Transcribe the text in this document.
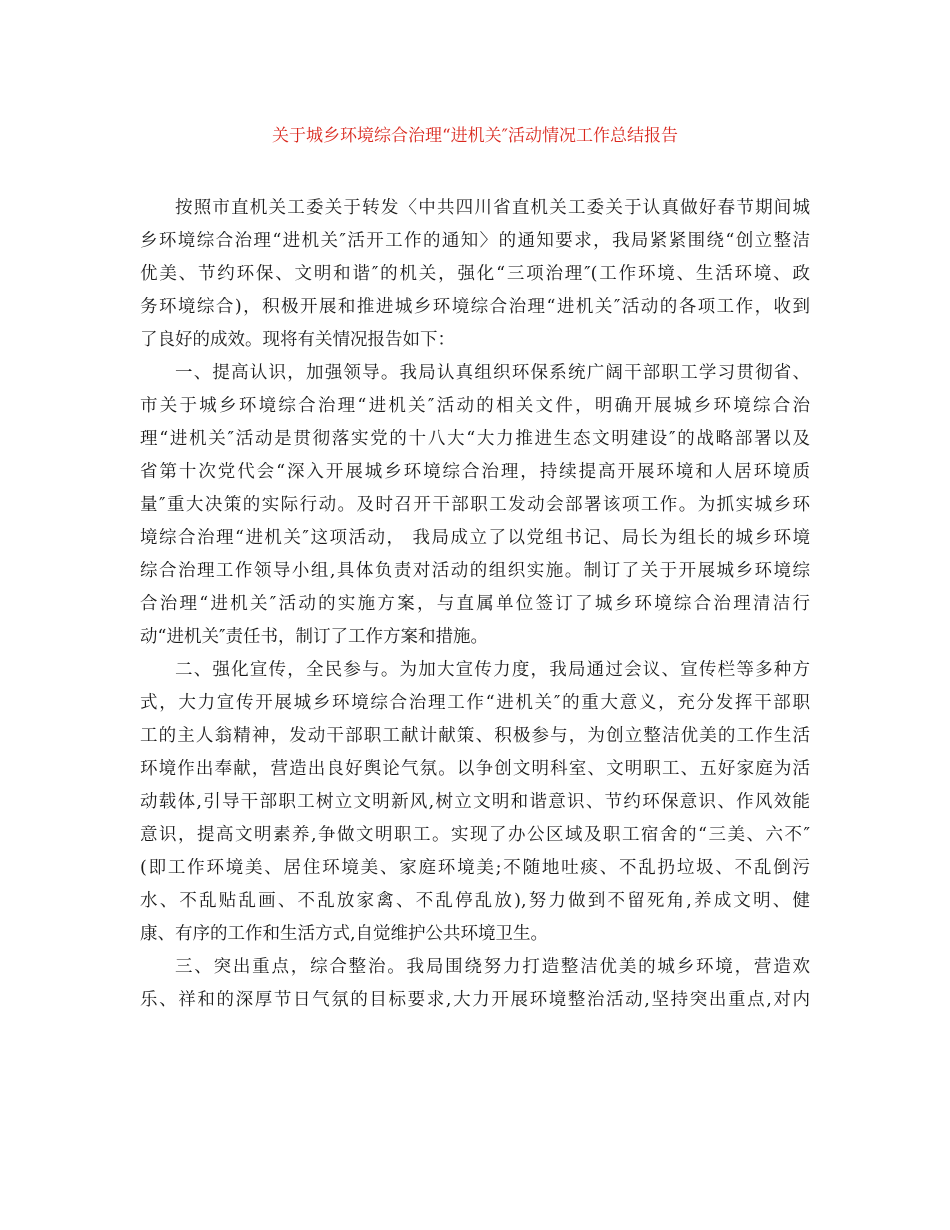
关于城乡环境综合治理“进机关″活动情况工作总结报告
按照市直机关工委关于转发〈中共四川省直机关工委关于认真做好春节期间城
乡环境综合治理“进机关″活开工作的通知〉的通知要求，我局紧紧围绕“创立整洁
优美、节约环保、文明和谐″的机关，强化“三项治理″(工作环境、生活环境、政
务环境综合)，积极开展和推进城乡环境综合治理“进机关″活动的各项工作，收到
了良好的成效。现将有关情况报告如下：
一、提高认识，加强领导。我局认真组织环保系统广阔干部职工学习贯彻省、
市关于城乡环境综合治理“进机关″活动的相关文件，明确开展城乡环境综合治
理“进机关″活动是贯彻落实党的十八大“大力推进生态文明建设″的战略部署以及
省第十次党代会“深入开展城乡环境综合治理，持续提高开展环境和人居环境质
量″重大决策的实际行动。及时召开干部职工发动会部署该项工作。为抓实城乡环
境综合治理“进机关″这项活动， 我局成立了以党组书记、局长为组长的城乡环境
综合治理工作领导小组,具体负责对活动的组织实施。制订了关于开展城乡环境综
合治理“进机关″活动的实施方案，与直属单位签订了城乡环境综合治理清洁行
动“进机关″责任书，制订了工作方案和措施。
二、强化宣传，全民参与。为加大宣传力度，我局通过会议、宣传栏等多种方
式，大力宣传开展城乡环境综合治理工作“进机关″的重大意义，充分发挥干部职
工的主人翁精神，发动干部职工献计献策、积极参与，为创立整洁优美的工作生活
环境作出奉献，营造出良好舆论气氛。以争创文明科室、文明职工、五好家庭为活
动载体,引导干部职工树立文明新风,树立文明和谐意识、节约环保意识、作风效能
意识，提高文明素养,争做文明职工。实现了办公区域及职工宿舍的“三美、六不″
(即工作环境美、居住环境美、家庭环境美;不随地吐痰、不乱扔垃圾、不乱倒污
水、不乱贴乱画、不乱放家禽、不乱停乱放),努力做到不留死角,养成文明、健
康、有序的工作和生活方式,自觉维护公共环境卫生。
三、突出重点，综合整治。我局围绕努力打造整洁优美的城乡环境，营造欢
乐、祥和的深厚节日气氛的目标要求,大力开展环境整治活动,坚持突出重点,对内
